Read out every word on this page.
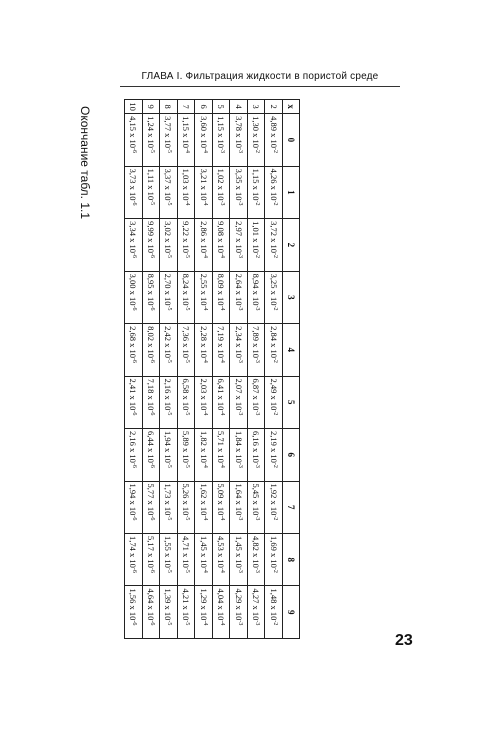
ГЛАВА I. Фильтрация жидкости в пористой среде
Окончание табл. 1.1	x	0	1	2	3	4	5	6	7	8	9
2	4,89 x $10^{-2}$	4,26 x $10^{-2}$	3,72 x $10^{-2}$	3,25 x $10^{-2}$	2,84 x $10^{-2}$	2,49 x $10^{-2}$	2,19 x $10^{-2}$	1,92 x $10^{-2}$	1,69 x $10^{-2}$	1,48 x $10^{-2}$
3	1,30 x $10^{-2}$	1,15 x $10^{-2}$	1,01 x $10^{-2}$	8,94 x $10^{-3}$	7,89 x $10^{-3}$	6,87 x $10^{-3}$	6,16 x $10^{-3}$	5,45 x $10^{-3}$	4,82 x $10^{-3}$	4,27 x $10^{-3}$
4	3,78 x $10^{-3}$	3,35 x $10^{-3}$	2,97 x $10^{-3}$	2,64 x $10^{-3}$	2,34 x $10^{-3}$	2,07 x $10^{-3}$	1,84 x $10^{-3}$	1,64 x $10^{-3}$	1,45 x $10^{-3}$	4,29 x $10^{-3}$
5	1,15 x $10^{-3}$	1,02 x $10^{-3}$	9,08 x $10^{-4}$	8,09 x $10^{-4}$	7,19 x $10^{-4}$	6,41 x $10^{-4}$	5,71 x $10^{-4}$	5,09 x $10^{-4}$	4,53 x $10^{-4}$	4,04 x $10^{-4}$
6	3,60 x $10^{-4}$	3,21 x $10^{-4}$	2,86 x $10^{-4}$	2,55 x $10^{-4}$	2,28 x $10^{-4}$	2,03 x $10^{-4}$	1,82 x $10^{-4}$	1,62 x $10^{-4}$	1,45 x $10^{-4}$	1,29 x $10^{-4}$
7	1,15 x $10^{-4}$	1,03 x $10^{-4}$	9,22 x $10^{-5}$	8,24 x $10^{-5}$	7,36 x $10^{-5}$	6,58 x $10^{-5}$	5,89 x $10^{-5}$	5,26 x $10^{-5}$	4,71 x $10^{-5}$	4,21 x $10^{-5}$
8	3,77 x $10^{-5}$	3,37 x $10^{-5}$	3,02 x $10^{-5}$	2,70 x $10^{-5}$	2,42 x $10^{-5}$	2,16 x $10^{-5}$	1,94 x $10^{-5}$	1,73 x $10^{-5}$	1,55 x $10^{-5}$	1,39 x $10^{-5}$
9	1,24 x $10^{-5}$	1,11 x $10^{-5}$	9,99 x $10^{-6}$	8,95 x $10^{-6}$	8,02 x $10^{-6}$	7,18 x $10^{-6}$	6,44 x $10^{-6}$	5,77 x $10^{-6}$	5,17 x $10^{-6}$	4,64 x $10^{-6}$
10	4,15 x $10^{-6}$	3,73 x $10^{-6}$	3,34 x $10^{-6}$	3,00 x $10^{-6}$	2,68 x $10^{-6}$	2,41 x $10^{-6}$	2,16 x $10^{-6}$	1,94 x $10^{-6}$	1,74 x $10^{-6}$	1,56 x $10^{-6}$
23
